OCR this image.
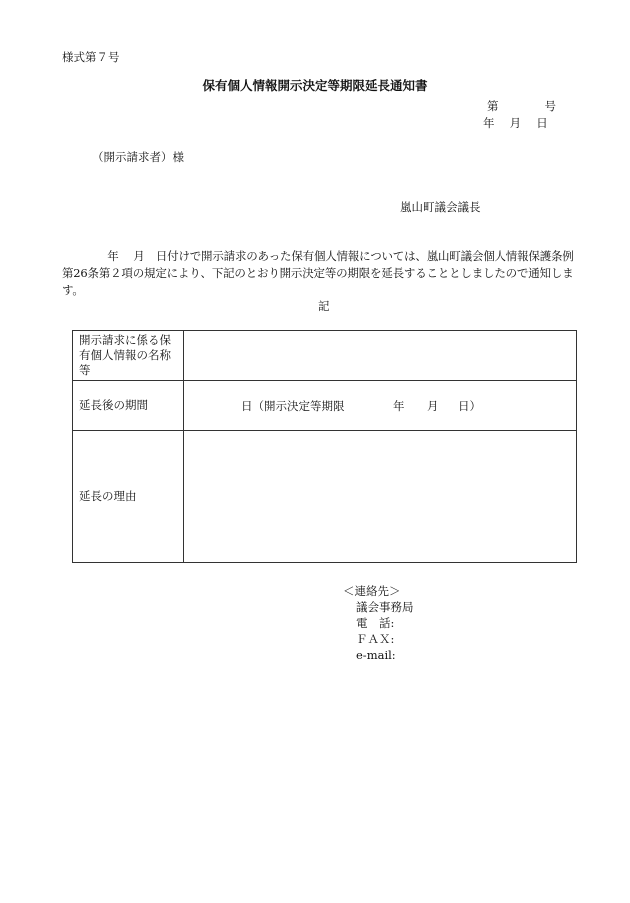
様式第７号
保有個人情報開示決定等期限延長通知書
第　　　　号
年　 月　 日
（開示請求者）様
嵐山町議会議長
　　　　年　 月　日付けで開示請求のあった保有個人情報については、嵐山町議会個人情報保護条例第26条第２項の規定により、下記のとおり開示決定等の期限を延長することとしましたので通知します。
記
開示請求に係る保有個人情報の名称等	
延長後の期間	日（開示決定等期限 年 月 日）

延長の理由	
＜連絡先＞
議会事務局
電　話:
ＦＡＸ:
e-mail:
